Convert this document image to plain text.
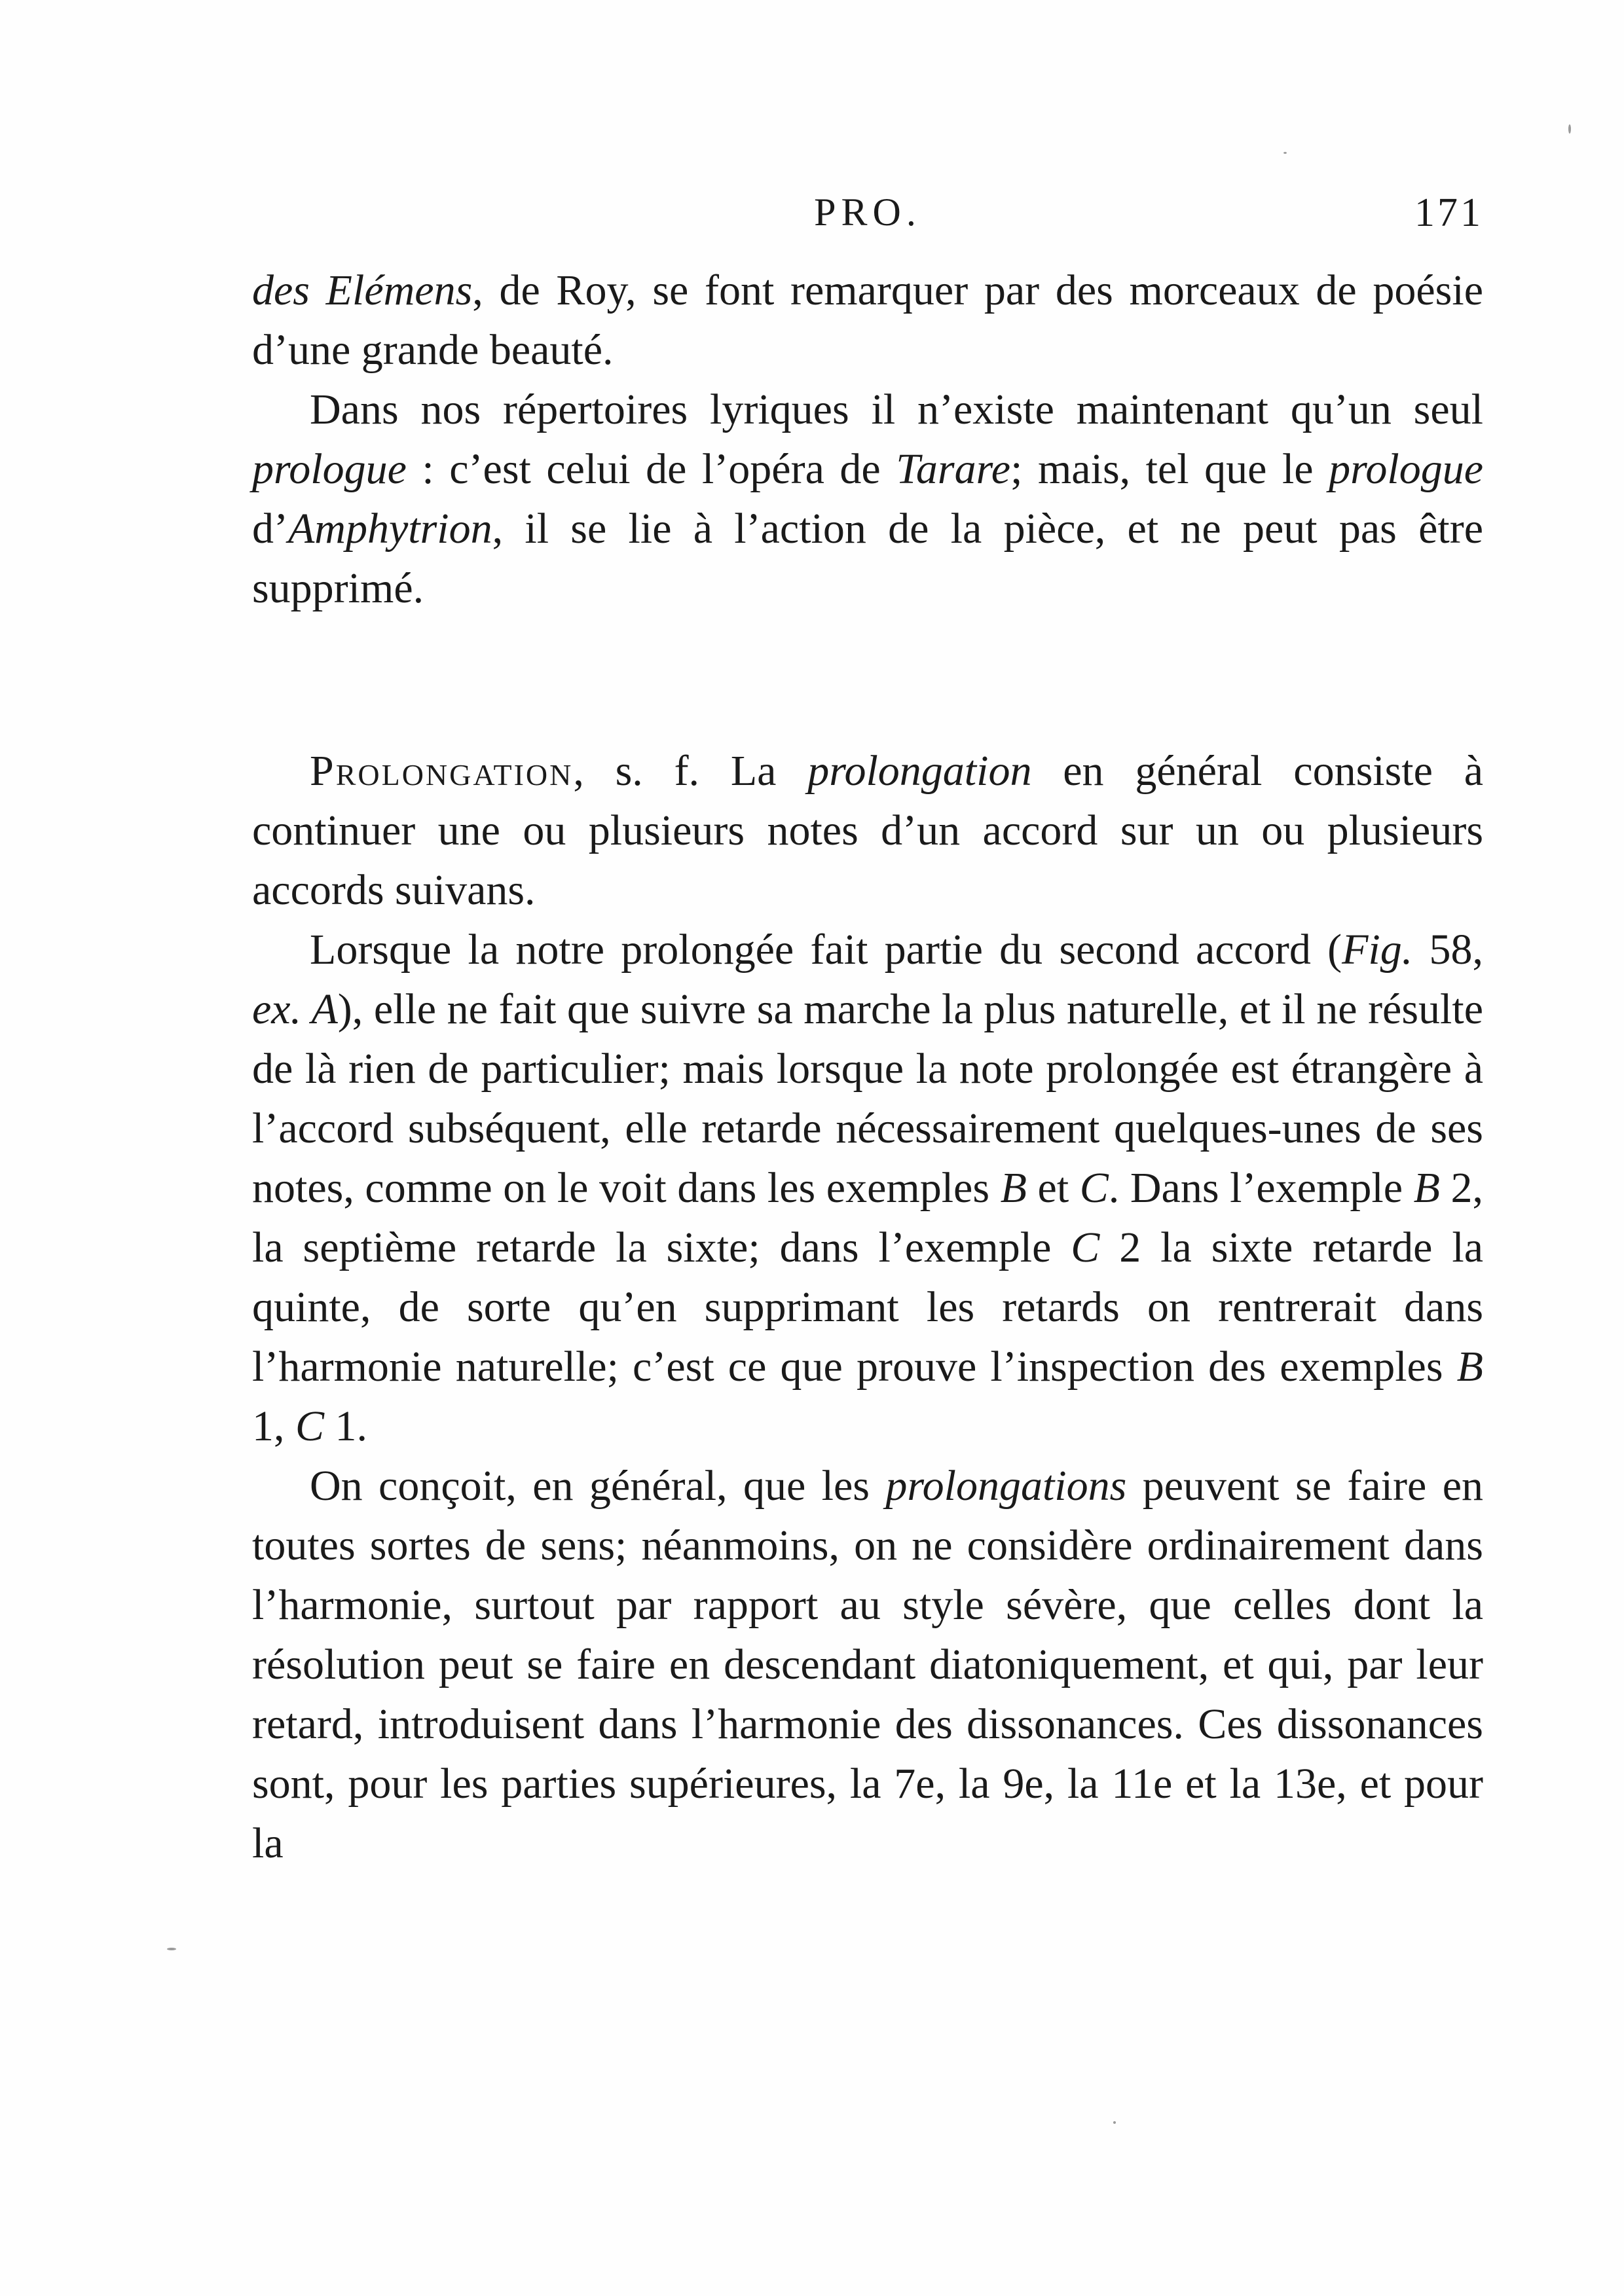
PRO.	171

des Elémens, de Roy, se font remarquer par des morceaux de poésie d’une grande beauté.

Dans nos répertoires lyriques il n’existe maintenant qu’un seul prologue : c’est celui de l’opéra de Tarare; mais, tel que le prologue d’Amphytrion, il se lie à l’action de la pièce, et ne peut pas être supprimé.

Prolongation, s. f. La prolongation en général consiste à continuer une ou plusieurs notes d’un accord sur un ou plusieurs accords suivans.

Lorsque la notre prolongée fait partie du second accord (Fig. 58, ex. A), elle ne fait que suivre sa marche la plus naturelle, et il ne résulte de là rien de particulier; mais lorsque la note prolongée est étrangère à l’accord subséquent, elle retarde nécessairement quelques-unes de ses notes, comme on le voit dans les exemples B et C. Dans l’exemple B 2, la septième retarde la sixte; dans l’exemple C 2 la sixte retarde la quinte, de sorte qu’en supprimant les retards on rentrerait dans l’harmonie naturelle; c’est ce que prouve l’inspection des exemples B 1, C 1.

On conçoit, en général, que les prolongations peuvent se faire en toutes sortes de sens; néanmoins, on ne considère ordinairement dans l’harmonie, surtout par rapport au style sévère, que celles dont la résolution peut se faire en descendant diatoniquement, et qui, par leur retard, introduisent dans l’harmonie des dissonances. Ces dissonances sont, pour les parties supérieures, la 7e, la 9e, la 11e et la 13e, et pour la
